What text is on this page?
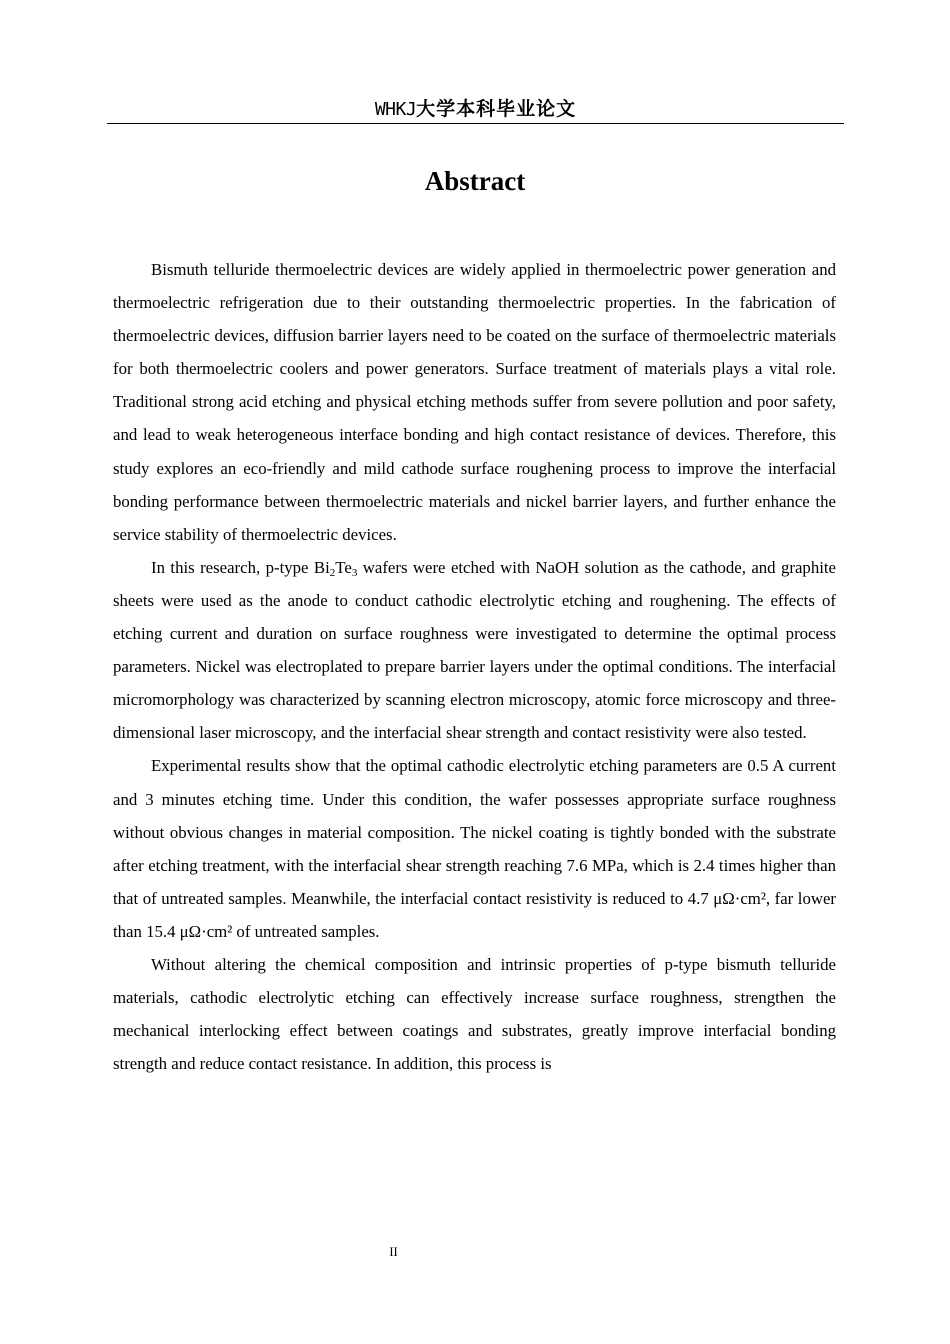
WHKJ大学本科毕业论文
Abstract

Bismuth telluride thermoelectric devices are widely applied in thermoelectric power generation and thermoelectric refrigeration due to their outstanding thermoelectric properties. In the fabrication of thermoelectric devices, diffusion barrier layers need to be coated on the surface of thermoelectric materials for both thermoelectric coolers and power generators. Surface treatment of materials plays a vital role. Traditional strong acid etching and physical etching methods suffer from severe pollution and poor safety, and lead to weak heterogeneous interface bonding and high contact resistance of devices. Therefore, this study explores an eco-friendly and mild cathode surface roughening process to improve the interfacial bonding performance between thermoelectric materials and nickel barrier layers, and further enhance the service stability of thermoelectric devices.

In this research, p-type $Bi_2Te_3$ wafers were etched with NaOH solution as the cathode, and graphite sheets were used as the anode to conduct cathodic electrolytic etching and roughening. The effects of etching current and duration on surface roughness were investigated to determine the optimal process parameters. Nickel was electroplated to prepare barrier layers under the optimal conditions. The interfacial micromorphology was characterized by scanning electron microscopy, atomic force microscopy and three-dimensional laser microscopy, and the interfacial shear strength and contact resistivity were also tested.

Experimental results show that the optimal cathodic electrolytic etching parameters are 0.5 A current and 3 minutes etching time. Under this condition, the wafer possesses appropriate surface roughness without obvious changes in material composition. The nickel coating is tightly bonded with the substrate after etching treatment, with the interfacial shear strength reaching 7.6 MPa, which is 2.4 times higher than that of untreated samples. Meanwhile, the interfacial contact resistivity is reduced to 4.7 μΩ·cm², far lower than 15.4 μΩ·cm² of untreated samples.

Without altering the chemical composition and intrinsic properties of p-type bismuth telluride materials, cathodic electrolytic etching can effectively increase surface roughness, strengthen the mechanical interlocking effect between coatings and substrates, greatly improve interfacial bonding strength and reduce contact resistance. In addition, this process is

II
